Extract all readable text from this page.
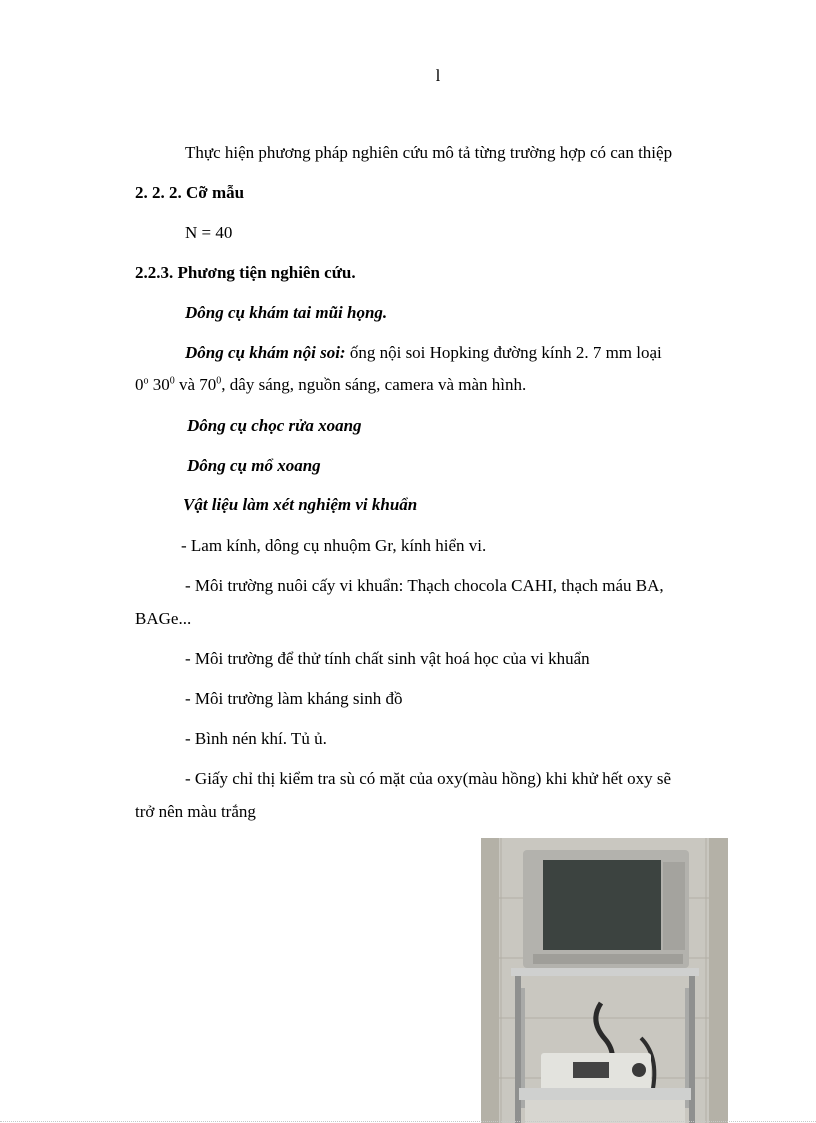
l
Thực hiện phương pháp nghiên cứu mô tả từng trường hợp có can thiệp
2. 2. 2. Cỡ mẫu
N = 40
2.2.3. Phương tiện nghiên cứu.
Dông cụ khám tai mũi họng.
Dông cụ khám nội soi: ống nội soi Hopking đường kính 2. 7 mm loại
0$^o$ $30^0$ và $70^0$, dây sáng, nguồn sáng, camera và màn hình.
Dông cụ chọc rửa xoang
Dông cụ mổ xoang
Vật liệu làm xét nghiệm vi khuẩn
- Lam kính, dông cụ nhuộm Gr, kính hiển vi.
- Môi trường nuôi cấy vi khuẩn: Thạch chocola CAHI, thạch máu BA,
BAGe...
- Môi trường để thử tính chất sinh vật hoá học của vi khuẩn
- Môi trường làm kháng sinh đồ
- Bình nén khí. Tủ ủ.
- Giấy chỉ thị kiểm tra sù có mặt của oxy(màu hồng) khi khử hết oxy sẽ
trở nên màu trắng
